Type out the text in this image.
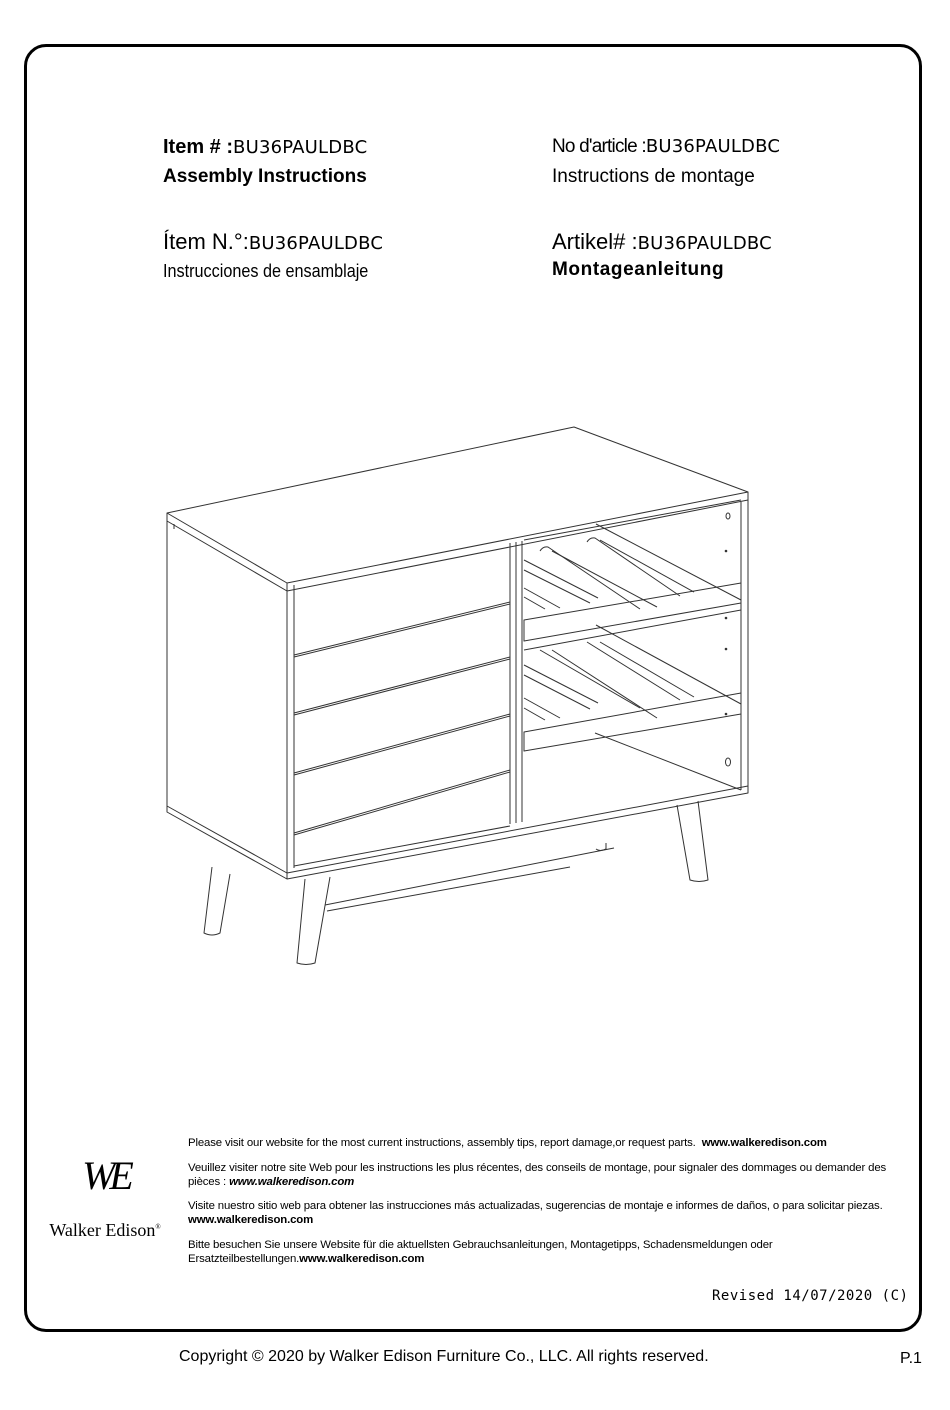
Item # :BU36PAULDBC
Assembly Instructions
No d'article :BU36PAULDBC
Instructions de montage
Ítem N.°:BU36PAULDBC
Instrucciones de ensamblaje
Artikel# :BU36PAULDBC
Montageanleitung
WE
Walker Edison®
Please visit our website for the most current instructions, assembly tips, report damage,or request parts. www.walkeredison.com
Veuillez visiter notre site Web pour les instructions les plus récentes, des conseils de montage, pour signaler des dommages ou demander des pièces : www.walkeredison.com
Visite nuestro sitio web para obtener las instrucciones más actualizadas, sugerencias de montaje e informes de daños, o para solicitar piezas. www.walkeredison.com
Bitte besuchen Sie unsere Website für die aktuellsten Gebrauchsanleitungen, Montagetipps, Schadensmeldungen oder Ersatzteilbestellungen.www.walkeredison.com
Revised 14/07/2020 (C)
Copyright © 2020 by Walker Edison Furniture Co., LLC. All rights reserved.	P.1
